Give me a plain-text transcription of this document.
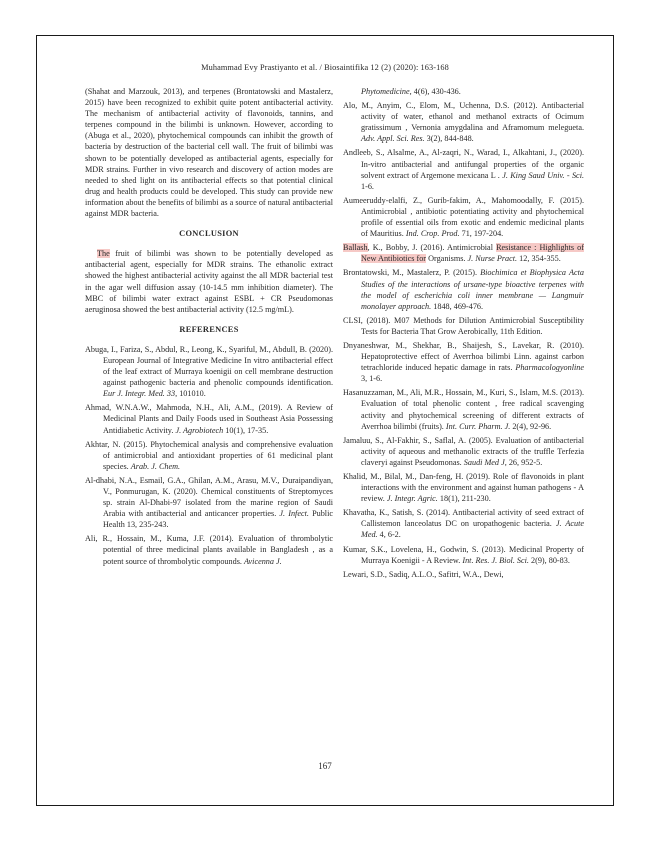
Muhammad Evy Prastiyanto et al. / Biosaintifika 12 (2) (2020): 163-168

(Shahat and Marzouk, 2013), and terpenes (Brontatowski and Mastalerz, 2015) have been recognized to exhibit quite potent antibacterial activity. The mechanism of antibacterial activity of flavonoids, tannins, and terpenes compound in the bilimbi is unknown. However, according to (Abuga et al., 2020), phytochemical compounds can inhibit the growth of bacteria by destruction of the bacterial cell wall. The fruit of bilimbi was shown to be potentially developed as antibacterial agents, especially for MDR strains. Further in vivo research and discovery of action modes are needed to shed light on its antibacterial effects so that potential clinical drug and health products could be developed. This study can provide new information about the benefits of bilimbi as a source of natural antibacterial against MDR bacteria.

CONCLUSION

The fruit of bilimbi was shown to be potentially developed as antibacterial agent, especially for MDR strains. The ethanolic extract showed the highest antibacterial activity against the all MDR bacterial test in the agar well diffusion assay (10-14.5 mm inhibition diameter). The MBC of bilimbi water extract against ESBL + CR Pseudomonas aeruginosa showed the best antibacterial activity (12.5 mg/mL).

REFERENCES

Abuga, I., Fariza, S., Abdul, R., Leong, K., Syariful, M., Abdull, B. (2020). European Journal of Integrative Medicine In vitro antibacterial effect of the leaf extract of Murraya koenigii on cell membrane destruction against pathogenic bacteria and phenolic compounds identification. Eur J. Integr. Med. 33, 101010.

Ahmad, W.N.A.W., Mahmoda, N.H., Ali, A.M., (2019). A Review of Medicinal Plants and Daily Foods used in Southeast Asia Possessing Antidiabetic Activity. J. Agrobiotech 10(1), 17-35.

Akhtar, N. (2015). Phytochemical analysis and comprehensive evaluation of antimicrobial and antioxidant properties of 61 medicinal plant species. Arab. J. Chem.

Al-dhabi, N.A., Esmail, G.A., Ghilan, A.M., Arasu, M.V., Duraipandiyan, V., Ponmurugan, K. (2020). Chemical constituents of Streptomyces sp. strain Al-Dhabi-97 isolated from the marine region of Saudi Arabia with antibacterial and anticancer properties. J. Infect. Public Health 13, 235-243.

Ali, R., Hossain, M., Kuma, J.F. (2014). Evaluation of thrombolytic potential of three medicinal plants available in Bangladesh , as a potent source of thrombolytic compounds. Avicenna J.

Phytomedicine, 4(6), 430-436.

Alo, M., Anyim, C., Elom, M., Uchenna, D.S. (2012). Antibacterial activity of water, ethanol and methanol extracts of Ocimum gratissimum , Vernonia amygdalina and Aframomum melegueta. Adv. Appl. Sci. Res. 3(2), 844-848.

Andleeb, S., Alsalme, A., Al-zaqri, N., Warad, I., Alkahtani, J., (2020). In-vitro antibacterial and antifungal properties of the organic solvent extract of Argemone mexicana L . J. King Saud Univ. - Sci. 1-6.

Aumeeruddy-elalfi, Z., Gurib-fakim, A., Mahomoodally, F. (2015). Antimicrobial , antibiotic potentiating activity and phytochemical profile of essential oils from exotic and endemic medicinal plants of Mauritius. Ind. Crop. Prod. 71, 197-204.

Ballash, K., Bobby, J. (2016). Antimicrobial Resistance : Highlights of New Antibiotics for Organisms. J. Nurse Pract. 12, 354-355.

Brontatowski, M., Mastalerz, P. (2015). Biochimica et Biophysica Acta Studies of the interactions of ursane-type bioactive terpenes with the model of escherichia coli inner membrane — Langmuir monolayer approach. 1848, 469-476.

CLSI, (2018). M07 Methods for Dilution Antimicrobial Susceptibility Tests for Bacteria That Grow Aerobically, 11th Edition.

Dnyaneshwar, M., Shekhar, B., Shaijesh, S., Lavekar, R. (2010). Hepatoprotective effect of Averrhoa bilimbi Linn. against carbon tetrachloride induced hepatic damage in rats. Pharmacologyonline 3, 1-6.

Hasanuzzaman, M., Ali, M.R., Hossain, M., Kuri, S., Islam, M.S. (2013). Evaluation of total phenolic content , free radical scavenging activity and phytochemical screening of different extracts of Averrhoa bilimbi (fruits). Int. Curr. Pharm. J. 2(4), 92-96.

Jamaluu, S., Al-Fakhir, S., Saflal, A. (2005). Evaluation of antibacterial activity of aqueous and methanolic extracts of the truffle Terfezia claveryi against Pseudomonas. Saudi Med J, 26, 952-5.

Khalid, M., Bilal, M., Dan-feng, H. (2019). Role of flavonoids in plant interactions with the environment and against human pathogens - A review. J. Integr. Agric. 18(1), 211-230.

Khavatha, K., Satish, S. (2014). Antibacterial activity of seed extract of Callistemon lanceolatus DC on uropathogenic bacteria. J. Acute Med. 4, 6-2.

Kumar, S.K., Lovelena, H., Godwin, S. (2013). Medicinal Property of Murraya Koenigii - A Review. Int. Res. J. Biol. Sci. 2(9), 80-83.

Lewari, S.D., Sadiq, A.L.O., Safitri, W.A., Dewi,

167
